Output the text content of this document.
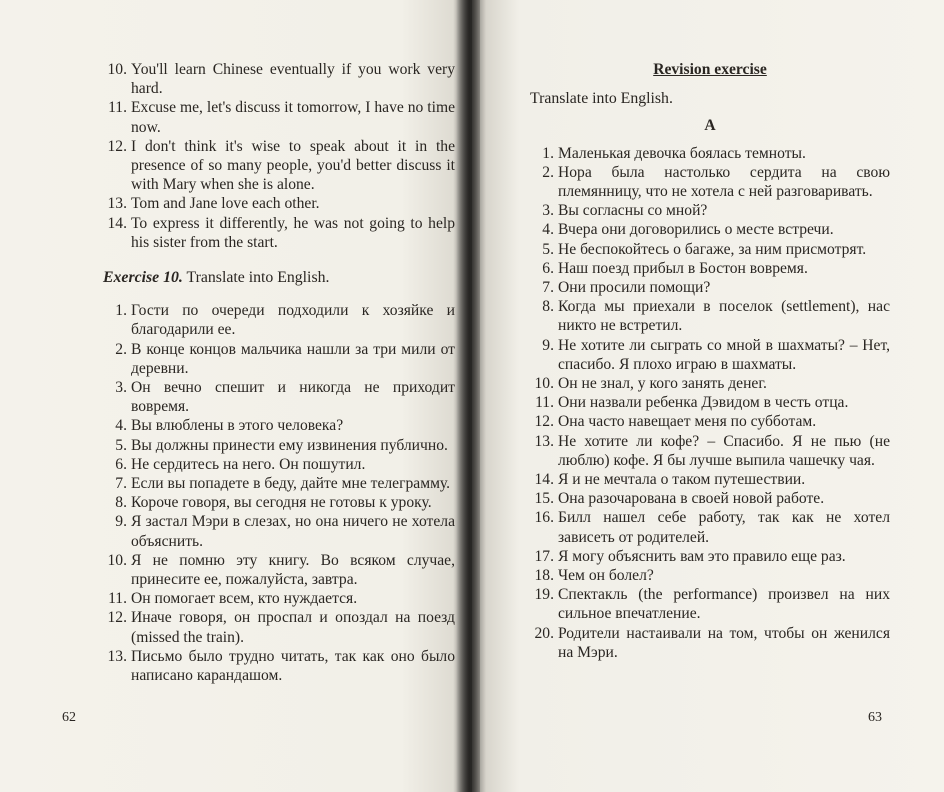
10. You'll learn Chinese eventually if you work very hard.
11. Excuse me, let's discuss it tomorrow, I have no time now.
12. I don't think it's wise to speak about it in the presence of so many people, you'd better discuss it with Mary when she is alone.
13. Tom and Jane love each other.
14. To express it differently, he was not going to help his sister from the start.
Exercise 10. Translate into English.
1. Гости по очереди подходили к хозяйке и благодарили ее.
2. В конце концов мальчика нашли за три мили от деревни.
3. Он вечно спешит и никогда не приходит вовремя.
4. Вы влюблены в этого человека?
5. Вы должны принести ему извинения публично.
6. Не сердитесь на него. Он пошутил.
7. Если вы попадете в беду, дайте мне телеграмму.
8. Короче говоря, вы сегодня не готовы к уроку.
9. Я застал Мэри в слезах, но она ничего не хотела объяснить.
10. Я не помню эту книгу. Во всяком случае, принесите ее, пожалуйста, завтра.
11. Он помогает всем, кто нуждается.
12. Иначе говоря, он проспал и опоздал на поезд (missed the train).
13. Письмо было трудно читать, так как оно было написано карандашом.
62	63
Revision exercise
Translate into English.
A
1. Маленькая девочка боялась темноты.
2. Нора была настолько сердита на свою племянницу, что не хотела с ней разговаривать.
3. Вы согласны со мной?
4. Вчера они договорились о месте встречи.
5. Не беспокойтесь о багаже, за ним присмотрят.
6. Наш поезд прибыл в Бостон вовремя.
7. Они просили помощи?
8. Когда мы приехали в поселок (settlement), нас никто не встретил.
9. Не хотите ли сыграть со мной в шахматы? – Нет, спасибо. Я плохо играю в шахматы.
10. Он не знал, у кого занять денег.
11. Они назвали ребенка Дэвидом в честь отца.
12. Она часто навещает меня по субботам.
13. Не хотите ли кофе? – Спасибо. Я не пью (не люблю) кофе. Я бы лучше выпила чашечку чая.
14. Я и не мечтала о таком путешествии.
15. Она разочарована в своей новой работе.
16. Билл нашел себе работу, так как не хотел зависеть от родителей.
17. Я могу объяснить вам это правило еще раз.
18. Чем он болел?
19. Спектакль (the performance) произвел на них сильное впечатление.
20. Родители настаивали на том, чтобы он женился на Мэри.
